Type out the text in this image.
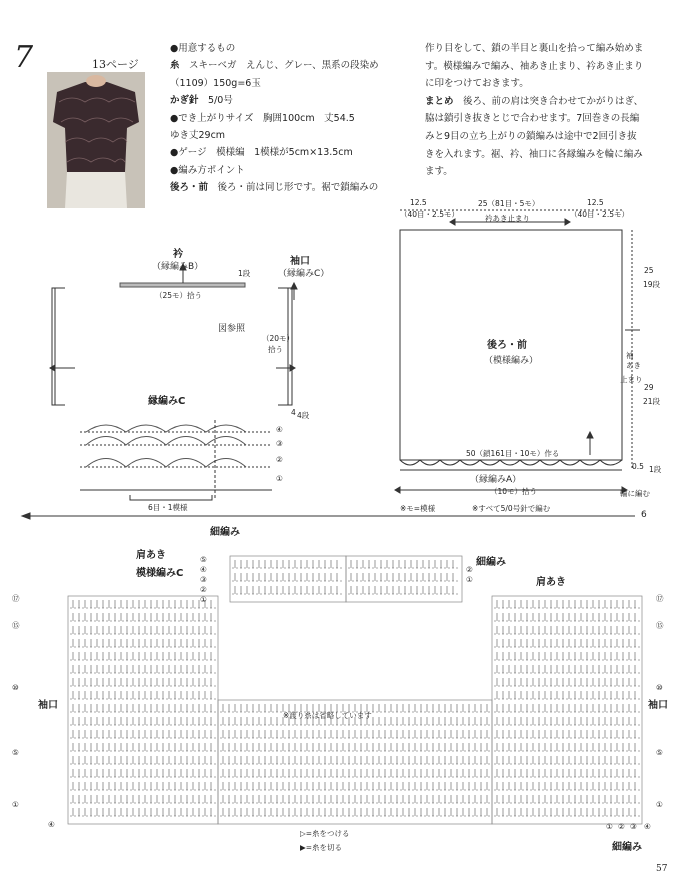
7	13ページ
●用意するもの
糸　 スキーベガ　えんじ、グレー、黒系の段染め
（1109）150g=6玉
かぎ針　 5/0号
●でき上がりサイズ　 胸囲100cm　丈54.5
ゆき丈29cm
●ゲージ　 模様編　1模様が5cm×13.5cm
●編み方ポイント
後ろ・前　 後ろ・前は同じ形です。裾で鎖編みの
作り目をして、鎖の半目と裏山を拾って編み始めま
す。模様編みで編み、袖あき止まり、衿あき止まり
に印をつけておきます。
まとめ　 後ろ、前の肩は突き合わせてかがりはぎ、
脇は鎖引き抜きとじで合わせます。7回巻きの長編
みと9目の立ち上がりの鎖編みは途中で2回引き抜
きを入れます。裾、衿、袖口に各縁編みを輪に編み
ます。
衿
（縁編みB）
1段
（25モ）拾う
袖口
（縁編みC）
図参照
（20モ）
拾う
4 4段
縁編みC
④
③
②
①
6目・1模様
12.5
（40目・2.5モ）
25（81目・5モ）
衿あき止まり
12.5
（40目・2.5モ）
25
19段
袖
あき
止まり
29
21段
後ろ・前
（模様編み）
50（鎖161目・10モ）作る
（縁編みA）
0.5 1段
（10モ）拾う	輪に編む
※モ=模様	※すべて5/0号針で編む
6
細編み
肩あき
模様編みC
細編み
肩あき
袖口	袖口
※渡り糸は省略しています
▷=糸をつける
▶=糸を切る	細編み
⑰
⑮
⑩
⑤
①
⑰
⑮
⑩
⑤
①
⑤
④
③
②
①
②
①
④	① ② ③ ④
57
